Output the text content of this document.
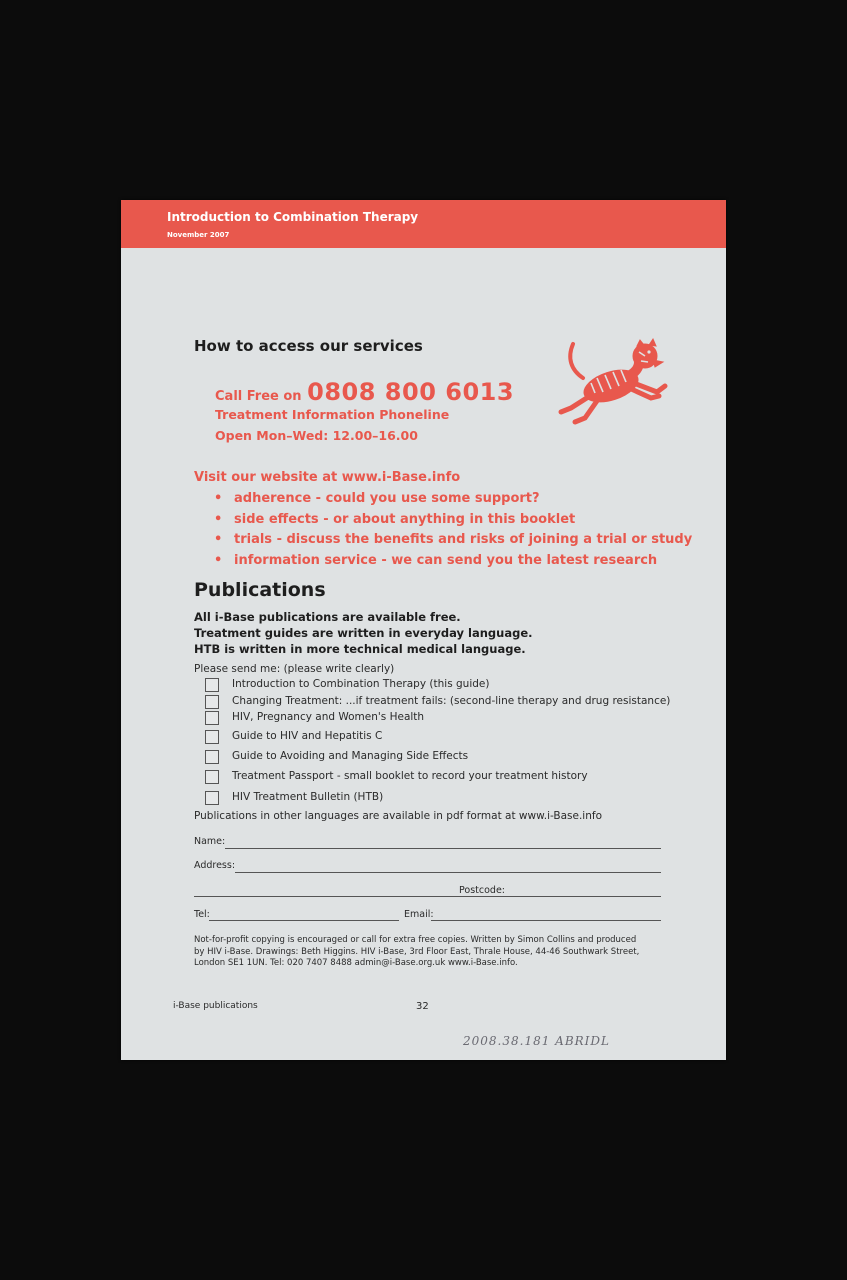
Introduction to Combination Therapy
November 2007
How to access our services
Call Free on 0808 800 6013
Treatment Information Phoneline
Open Mon–Wed: 12.00–16.00
Visit our website at www.i-Base.info
• adherence - could you use some support?
• side effects - or about anything in this booklet
• trials - discuss the benefits and risks of joining a trial or study
• information service - we can send you the latest research
Publications
All i-Base publications are available free.
Treatment guides are written in everyday language.
HTB is written in more technical medical language.
Please send me: (please write clearly)
Introduction to Combination Therapy (this guide)
Changing Treatment: ...if treatment fails: (second-line therapy and drug resistance)
HIV, Pregnancy and Women's Health
Guide to HIV and Hepatitis C
Guide to Avoiding and Managing Side Effects
Treatment Passport - small booklet to record your treatment history
HIV Treatment Bulletin (HTB)
Publications in other languages are available in pdf format at www.i-Base.info
Name:
Address:
Postcode:
Tel:	Email:
Not-for-profit copying is encouraged or call for extra free copies. Written by Simon Collins and produced
by HIV i-Base. Drawings: Beth Higgins. HIV i-Base, 3rd Floor East, Thrale House, 44-46 Southwark Street,
London SE1 1UN. Tel: 020 7407 8488 admin@i-Base.org.uk www.i-Base.info.
i-Base publications	32
2008.38.181 ABRIDL
